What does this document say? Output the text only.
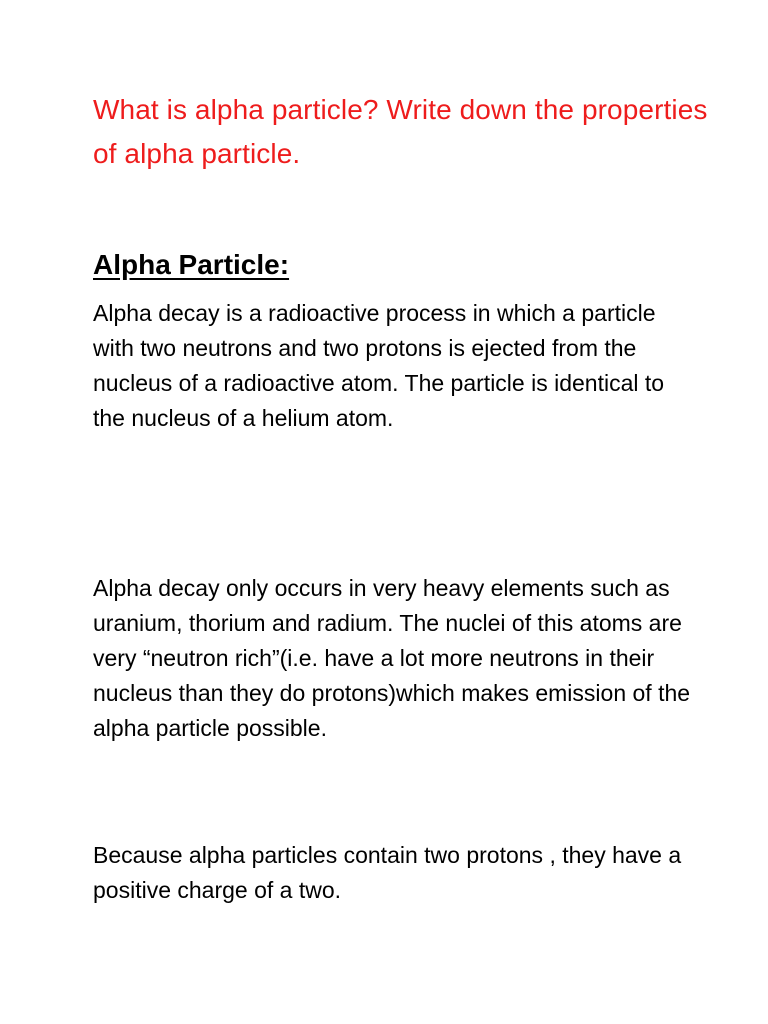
What is alpha particle? Write down the properties of alpha particle.
Alpha Particle:

Alpha decay is a radioactive process in which a particle with two neutrons and two protons is ejected from the nucleus of a radioactive atom. The particle is identical to the nucleus of a helium atom.

Alpha decay only occurs in very heavy elements such as uranium, thorium and radium. The nuclei of this atoms are very “neutron rich”(i.e. have a lot more neutrons in their nucleus than they do protons)which makes emission of the alpha particle possible.

Because alpha particles contain two protons , they have a positive charge of a two.
